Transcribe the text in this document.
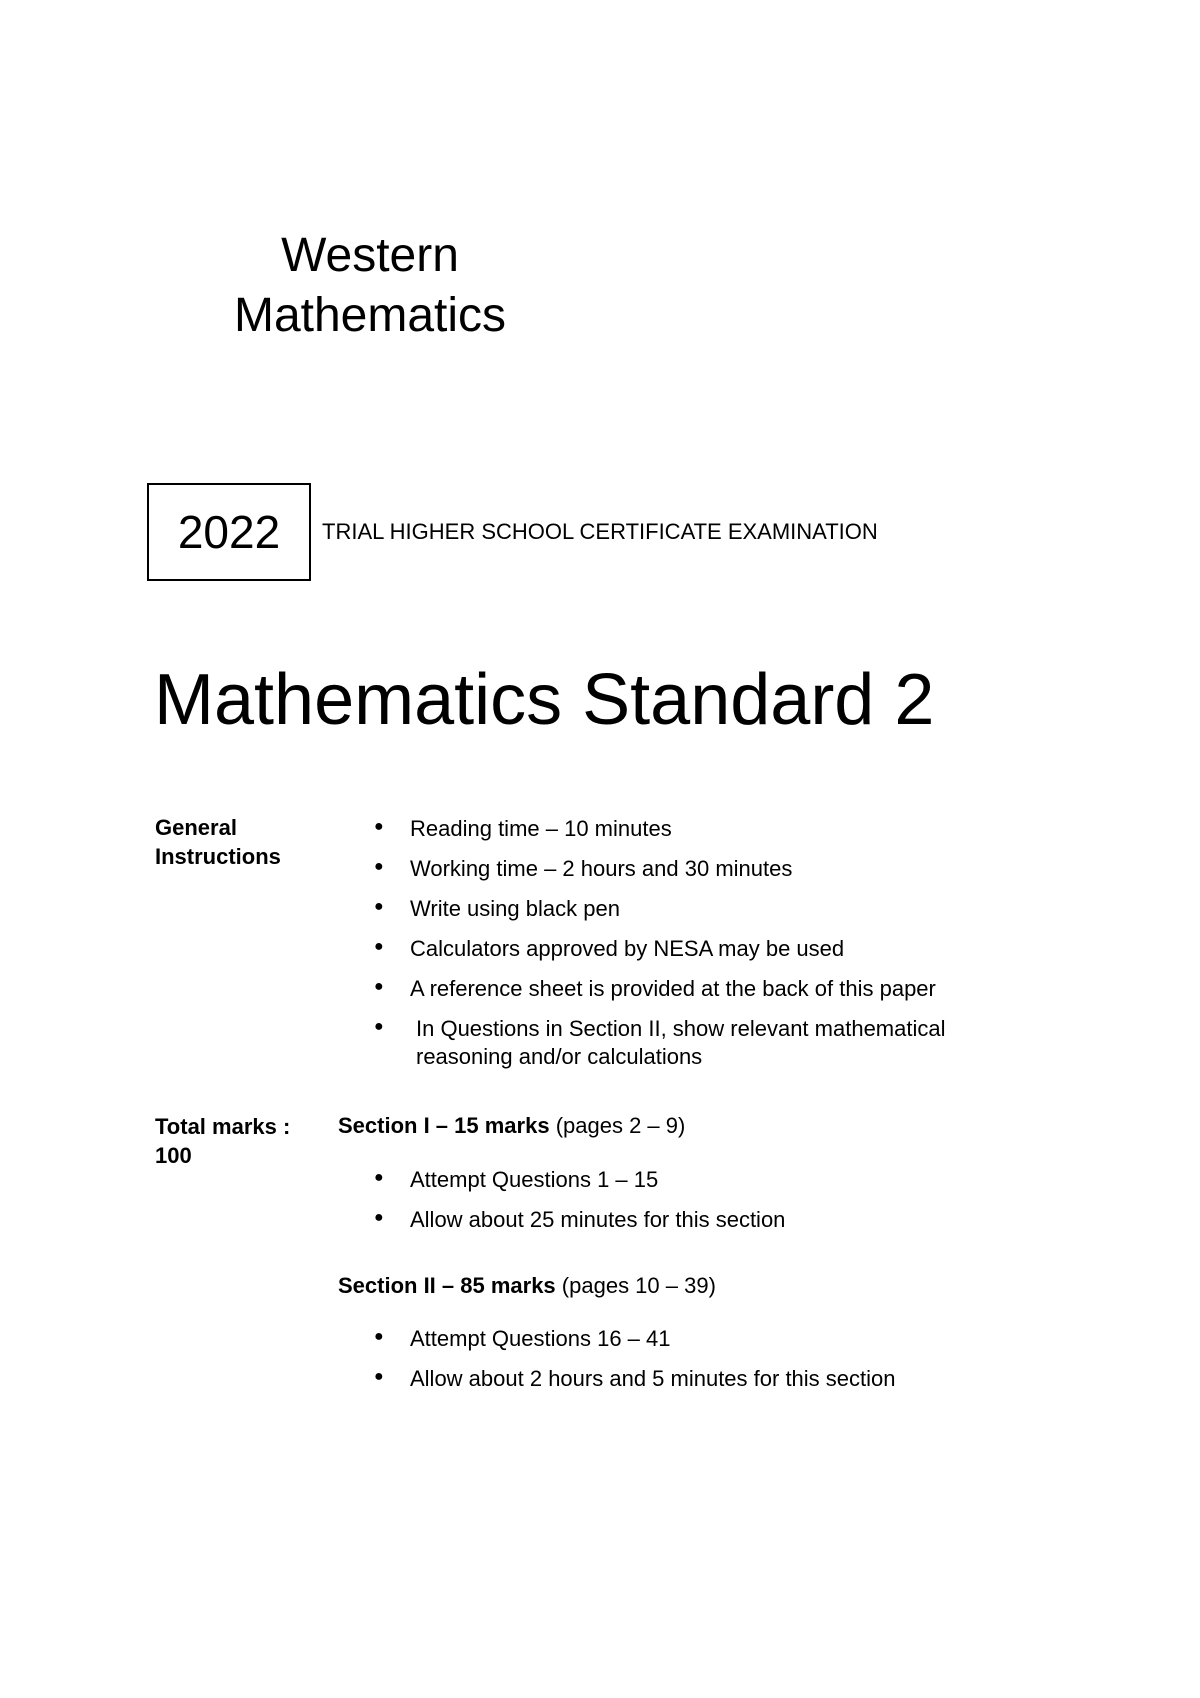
Western
Mathematics
2022 TRIAL HIGHER SCHOOL CERTIFICATE EXAMINATION
Mathematics Standard 2
General
Instructions
● Reading time – 10 minutes
● Working time – 2 hours and 30 minutes
● Write using black pen
● Calculators approved by NESA may be used
● A reference sheet is provided at the back of this paper
● In Questions in Section II, show relevant mathematical reasoning and/or calculations
Total marks :
100
Section I – 15 marks (pages 2 – 9)
● Attempt Questions 1 – 15
● Allow about 25 minutes for this section
Section II – 85 marks (pages 10 – 39)
● Attempt Questions 16 – 41
● Allow about 2 hours and 5 minutes for this section
